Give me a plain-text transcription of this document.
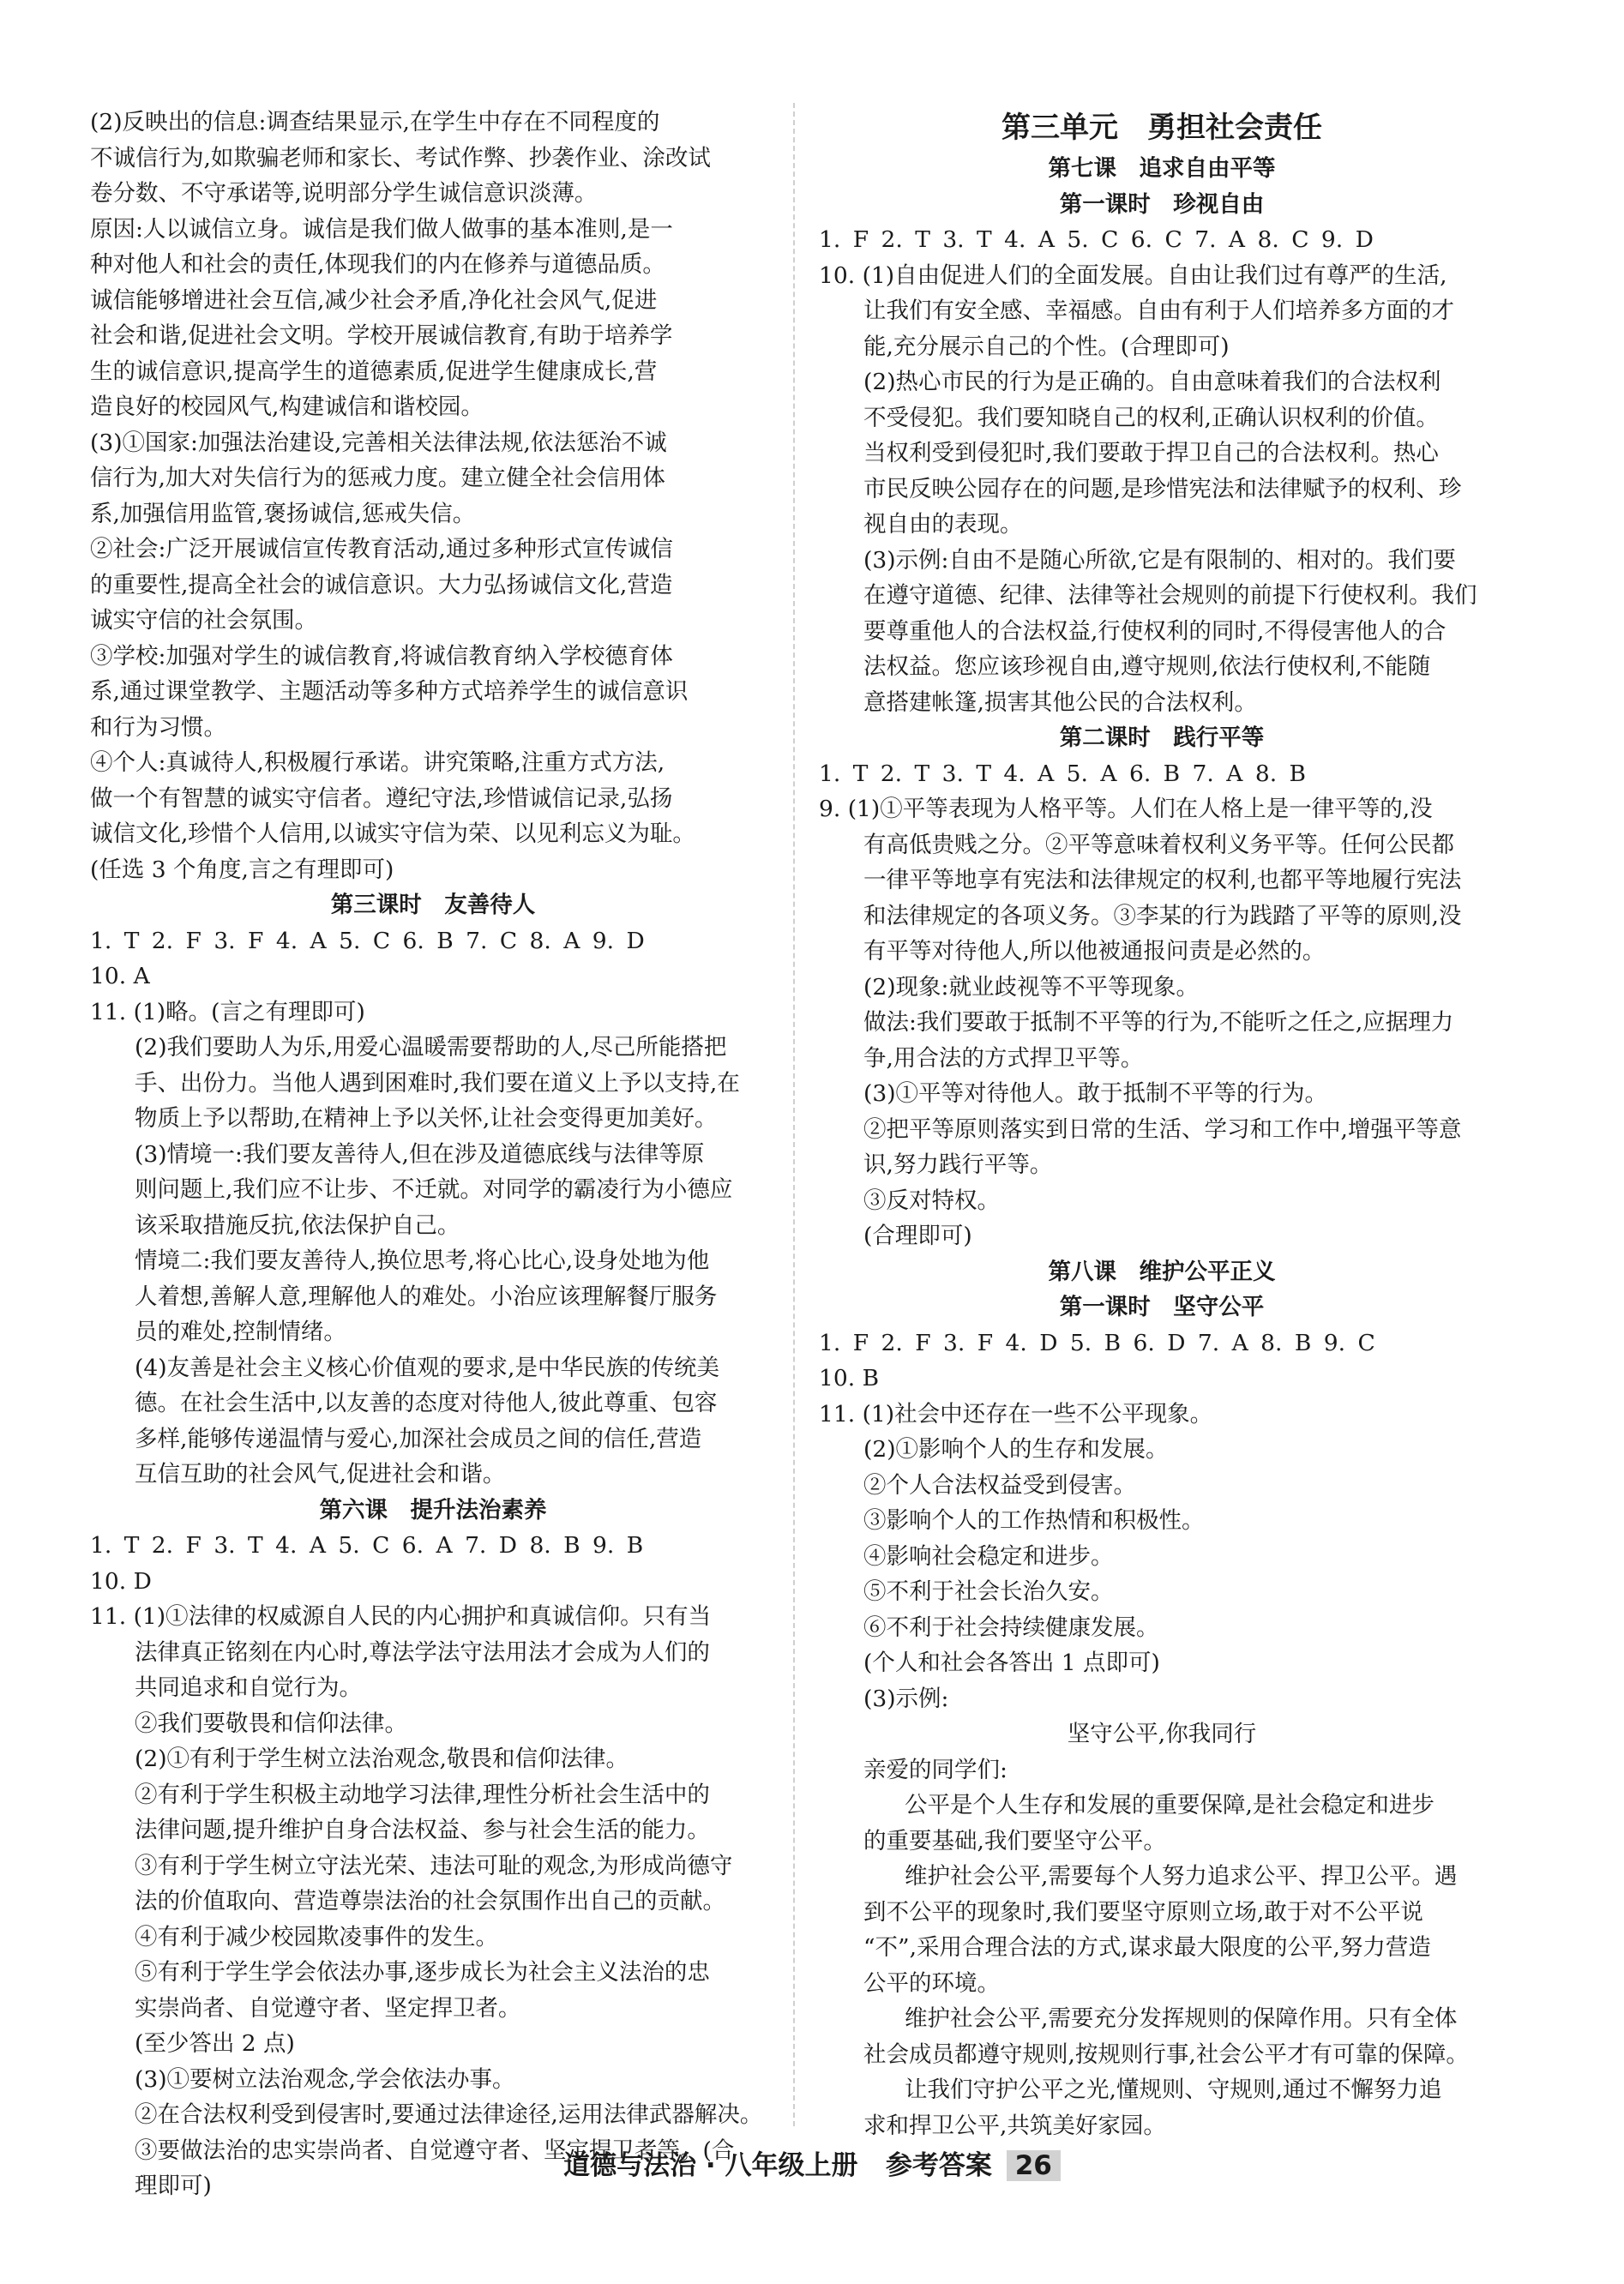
(2)反映出的信息:调查结果显示,在学生中存在不同程度的
不诚信行为,如欺骗老师和家长、考试作弊、抄袭作业、涂改试
卷分数、不守承诺等,说明部分学生诚信意识淡薄。
原因:人以诚信立身。诚信是我们做人做事的基本准则,是一
种对他人和社会的责任,体现我们的内在修养与道德品质。
诚信能够增进社会互信,减少社会矛盾,净化社会风气,促进
社会和谐,促进社会文明。学校开展诚信教育,有助于培养学
生的诚信意识,提高学生的道德素质,促进学生健康成长,营
造良好的校园风气,构建诚信和谐校园。
(3)①国家:加强法治建设,完善相关法律法规,依法惩治不诚
信行为,加大对失信行为的惩戒力度。建立健全社会信用体
系,加强信用监管,褒扬诚信,惩戒失信。
②社会:广泛开展诚信宣传教育活动,通过多种形式宣传诚信
的重要性,提高全社会的诚信意识。大力弘扬诚信文化,营造
诚实守信的社会氛围。
③学校:加强对学生的诚信教育,将诚信教育纳入学校德育体
系,通过课堂教学、主题活动等多种方式培养学生的诚信意识
和行为习惯。
④个人:真诚待人,积极履行承诺。讲究策略,注重方式方法,
做一个有智慧的诚实守信者。遵纪守法,珍惜诚信记录,弘扬
诚信文化,珍惜个人信用,以诚实守信为荣、以见利忘义为耻。
(任选 3 个角度,言之有理即可)
第三课时　友善待人
1. T 2. F 3. F 4. A 5. C 6. B 7. C 8. A 9. D
10. A
11. (1)略。(言之有理即可)
(2)我们要助人为乐,用爱心温暖需要帮助的人,尽己所能搭把
手、出份力。当他人遇到困难时,我们要在道义上予以支持,在
物质上予以帮助,在精神上予以关怀,让社会变得更加美好。
(3)情境一:我们要友善待人,但在涉及道德底线与法律等原
则问题上,我们应不让步、不迁就。对同学的霸凌行为小德应
该采取措施反抗,依法保护自己。
情境二:我们要友善待人,换位思考,将心比心,设身处地为他
人着想,善解人意,理解他人的难处。小治应该理解餐厅服务
员的难处,控制情绪。
(4)友善是社会主义核心价值观的要求,是中华民族的传统美
德。在社会生活中,以友善的态度对待他人,彼此尊重、包容
多样,能够传递温情与爱心,加深社会成员之间的信任,营造
互信互助的社会风气,促进社会和谐。
第六课　提升法治素养
1. T 2. F 3. T 4. A 5. C 6. A 7. D 8. B 9. B
10. D
11. (1)①法律的权威源自人民的内心拥护和真诚信仰。只有当
法律真正铭刻在内心时,尊法学法守法用法才会成为人们的
共同追求和自觉行为。
②我们要敬畏和信仰法律。
(2)①有利于学生树立法治观念,敬畏和信仰法律。
②有利于学生积极主动地学习法律,理性分析社会生活中的
法律问题,提升维护自身合法权益、参与社会生活的能力。
③有利于学生树立守法光荣、违法可耻的观念,为形成尚德守
法的价值取向、营造尊崇法治的社会氛围作出自己的贡献。
④有利于减少校园欺凌事件的发生。
⑤有利于学生学会依法办事,逐步成长为社会主义法治的忠
实崇尚者、自觉遵守者、坚定捍卫者。
(至少答出 2 点)
(3)①要树立法治观念,学会依法办事。
②在合法权利受到侵害时,要通过法律途径,运用法律武器解决。
③要做法治的忠实崇尚者、自觉遵守者、坚定捍卫者等。(合
理即可)
第三单元　勇担社会责任
第七课　追求自由平等
第一课时　珍视自由
1. F 2. T 3. T 4. A 5. C 6. C 7. A 8. C 9. D
10. (1)自由促进人们的全面发展。自由让我们过有尊严的生活,
让我们有安全感、幸福感。自由有利于人们培养多方面的才
能,充分展示自己的个性。(合理即可)
(2)热心市民的行为是正确的。自由意味着我们的合法权利
不受侵犯。我们要知晓自己的权利,正确认识权利的价值。
当权利受到侵犯时,我们要敢于捍卫自己的合法权利。热心
市民反映公园存在的问题,是珍惜宪法和法律赋予的权利、珍
视自由的表现。
(3)示例:自由不是随心所欲,它是有限制的、相对的。我们要
在遵守道德、纪律、法律等社会规则的前提下行使权利。我们
要尊重他人的合法权益,行使权利的同时,不得侵害他人的合
法权益。您应该珍视自由,遵守规则,依法行使权利,不能随
意搭建帐篷,损害其他公民的合法权利。
第二课时　践行平等
1. T 2. T 3. T 4. A 5. A 6. B 7. A 8. B
9. (1)①平等表现为人格平等。人们在人格上是一律平等的,没
有高低贵贱之分。②平等意味着权利义务平等。任何公民都
一律平等地享有宪法和法律规定的权利,也都平等地履行宪法
和法律规定的各项义务。③李某的行为践踏了平等的原则,没
有平等对待他人,所以他被通报问责是必然的。
(2)现象:就业歧视等不平等现象。
做法:我们要敢于抵制不平等的行为,不能听之任之,应据理力
争,用合法的方式捍卫平等。
(3)①平等对待他人。敢于抵制不平等的行为。
②把平等原则落实到日常的生活、学习和工作中,增强平等意
识,努力践行平等。
③反对特权。
(合理即可)
第八课　维护公平正义
第一课时　坚守公平
1. F 2. F 3. F 4. D 5. B 6. D 7. A 8. B 9. C
10. B
11. (1)社会中还存在一些不公平现象。
(2)①影响个人的生存和发展。
②个人合法权益受到侵害。
③影响个人的工作热情和积极性。
④影响社会稳定和进步。
⑤不利于社会长治久安。
⑥不利于社会持续健康发展。
(个人和社会各答出 1 点即可)
(3)示例:
坚守公平,你我同行
亲爱的同学们:
公平是个人生存和发展的重要保障,是社会稳定和进步
的重要基础,我们要坚守公平。
维护社会公平,需要每个人努力追求公平、捍卫公平。遇
到不公平的现象时,我们要坚守原则立场,敢于对不公平说
“不”,采用合理合法的方式,谋求最大限度的公平,努力营造
公平的环境。
维护社会公平,需要充分发挥规则的保障作用。只有全体
社会成员都遵守规则,按规则行事,社会公平才有可靠的保障。
让我们守护公平之光,懂规则、守规则,通过不懈努力追
求和捍卫公平,共筑美好家园。
道德与法治 · 八年级上册 参考答案 26
